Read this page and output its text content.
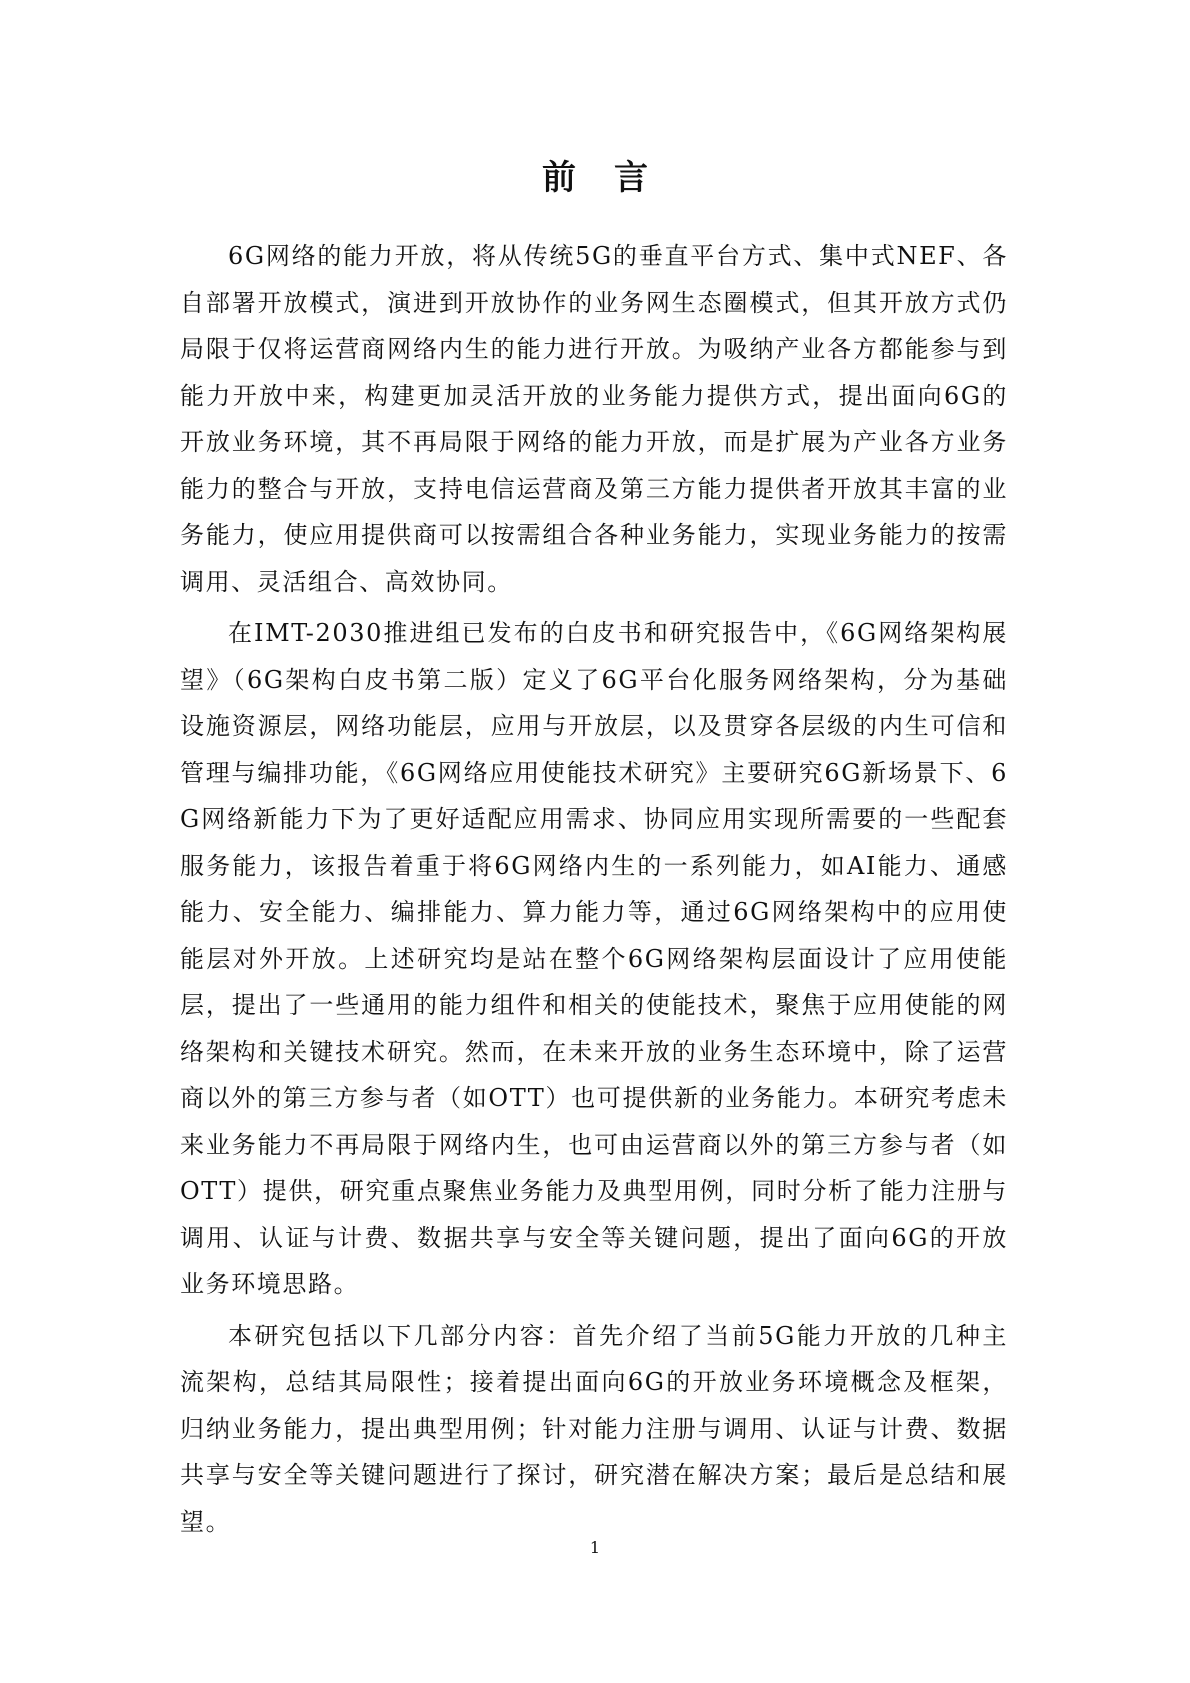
前言

6G网络的能力开放，将从传统5G的垂直平台方式、集中式NEF、各自部署开放模式，演进到开放协作的业务网生态圈模式，但其开放方式仍局限于仅将运营商网络内生的能力进行开放。为吸纳产业各方都能参与到能力开放中来，构建更加灵活开放的业务能力提供方式，提出面向6G的开放业务环境，其不再局限于网络的能力开放，而是扩展为产业各方业务能力的整合与开放，支持电信运营商及第三方能力提供者开放其丰富的业务能力，使应用提供商可以按需组合各种业务能力，实现业务能力的按需调用、灵活组合、高效协同。

在IMT-2030推进组已发布的白皮书和研究报告中，《6G网络架构展望》（6G架构白皮书第二版）定义了6G平台化服务网络架构，分为基础设施资源层，网络功能层，应用与开放层，以及贯穿各层级的内生可信和管理与编排功能，《6G网络应用使能技术研究》主要研究6G新场景下、6G网络新能力下为了更好适配应用需求、协同应用实现所需要的一些配套服务能力，该报告着重于将6G网络内生的一系列能力，如AI能力、通感能力、安全能力、编排能力、算力能力等，通过6G网络架构中的应用使能层对外开放。上述研究均是站在整个6G网络架构层面设计了应用使能层，提出了一些通用的能力组件和相关的使能技术，聚焦于应用使能的网络架构和关键技术研究。然而，在未来开放的业务生态环境中，除了运营商以外的第三方参与者（如OTT）也可提供新的业务能力。本研究考虑未来业务能力不再局限于网络内生，也可由运营商以外的第三方参与者（如OTT）提供，研究重点聚焦业务能力及典型用例，同时分析了能力注册与调用、认证与计费、数据共享与安全等关键问题，提出了面向6G的开放业务环境思路。

本研究包括以下几部分内容：首先介绍了当前5G能力开放的几种主流架构，总结其局限性；接着提出面向6G的开放业务环境概念及框架，归纳业务能力，提出典型用例；针对能力注册与调用、认证与计费、数据共享与安全等关键问题进行了探讨，研究潜在解决方案；最后是总结和展望。

1
